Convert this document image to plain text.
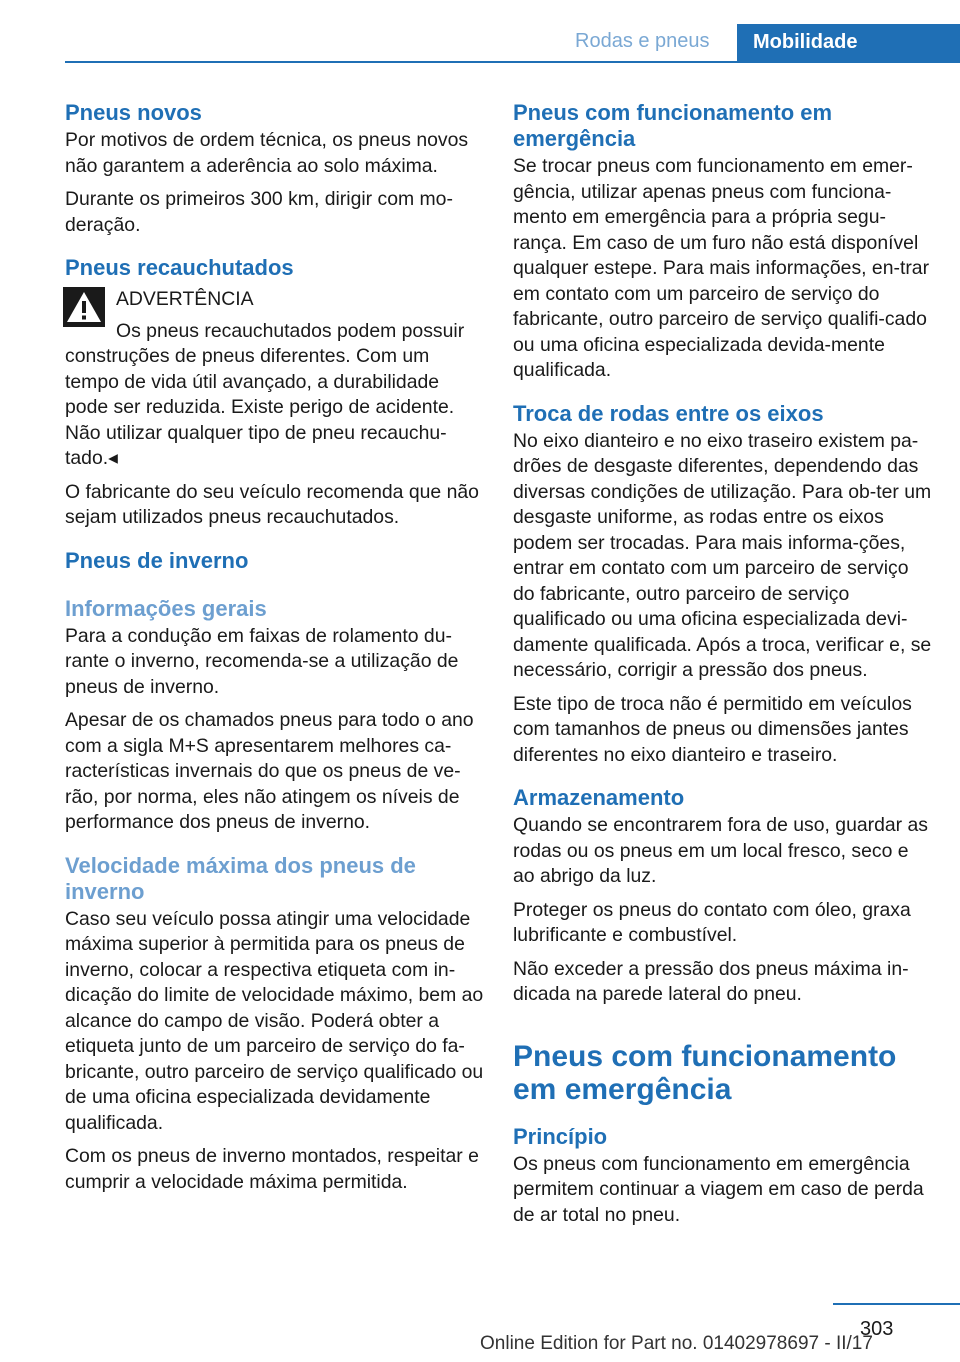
Rodas e pneus	Mobilidade
Pneus novos

Por motivos de ordem técnica, os pneus novos não garantem a aderência ao solo máxima.

Durante os primeiros 300 km, dirigir com mo-deração.

Pneus recauchutados
ADVERTÊNCIA
Os pneus recauchutados podem possuir construções de pneus diferentes. Com um tempo de vida útil avançado, a durabilidade pode ser reduzida. Existe perigo de acidente. Não utilizar qualquer tipo de pneu recauchu-tado.◂

O fabricante do seu veículo recomenda que não sejam utilizados pneus recauchutados.

Pneus de inverno
Informações gerais

Para a condução em faixas de rolamento du-rante o inverno, recomenda-se a utilização de pneus de inverno.

Apesar de os chamados pneus para todo o ano com a sigla M+S apresentarem melhores ca-racterísticas invernais do que os pneus de ve-rão, por norma, eles não atingem os níveis de performance dos pneus de inverno.

Velocidade máxima dos pneus de inverno

Caso seu veículo possa atingir uma velocidade máxima superior à permitida para os pneus de inverno, colocar a respectiva etiqueta com in-dicação do limite de velocidade máximo, bem ao alcance do campo de visão. Poderá obter a etiqueta junto de um parceiro de serviço do fa-bricante, outro parceiro de serviço qualificado ou de uma oficina especializada devidamente qualificada.

Com os pneus de inverno montados, respeitar e cumprir a velocidade máxima permitida.

Pneus com funcionamento em emergência

Se trocar pneus com funcionamento em emer-gência, utilizar apenas pneus com funciona-mento em emergência para a própria segu-rança. Em caso de um furo não está disponível qualquer estepe. Para mais informações, en-trar em contato com um parceiro de serviço do fabricante, outro parceiro de serviço qualifi-cado ou uma oficina especializada devida-mente qualificada.

Troca de rodas entre os eixos

No eixo dianteiro e no eixo traseiro existem pa-drões de desgaste diferentes, dependendo das diversas condições de utilização. Para ob-ter um desgaste uniforme, as rodas entre os eixos podem ser trocadas. Para mais informa-ções, entrar em contato com um parceiro de serviço do fabricante, outro parceiro de serviço qualificado ou uma oficina especializada devi-damente qualificada. Após a troca, verificar e, se necessário, corrigir a pressão dos pneus.

Este tipo de troca não é permitido em veículos com tamanhos de pneus ou dimensões jantes diferentes no eixo dianteiro e traseiro.

Armazenamento

Quando se encontrarem fora de uso, guardar as rodas ou os pneus em um local fresco, seco e ao abrigo da luz.

Proteger os pneus do contato com óleo, graxa lubrificante e combustível.

Não exceder a pressão dos pneus máxima in-dicada na parede lateral do pneu.

Pneus com funcionamento em emergência
Princípio

Os pneus com funcionamento em emergência permitem continuar a viagem em caso de perda de ar total no pneu.

303
Online Edition for Part no. 01402978697 - II/17
